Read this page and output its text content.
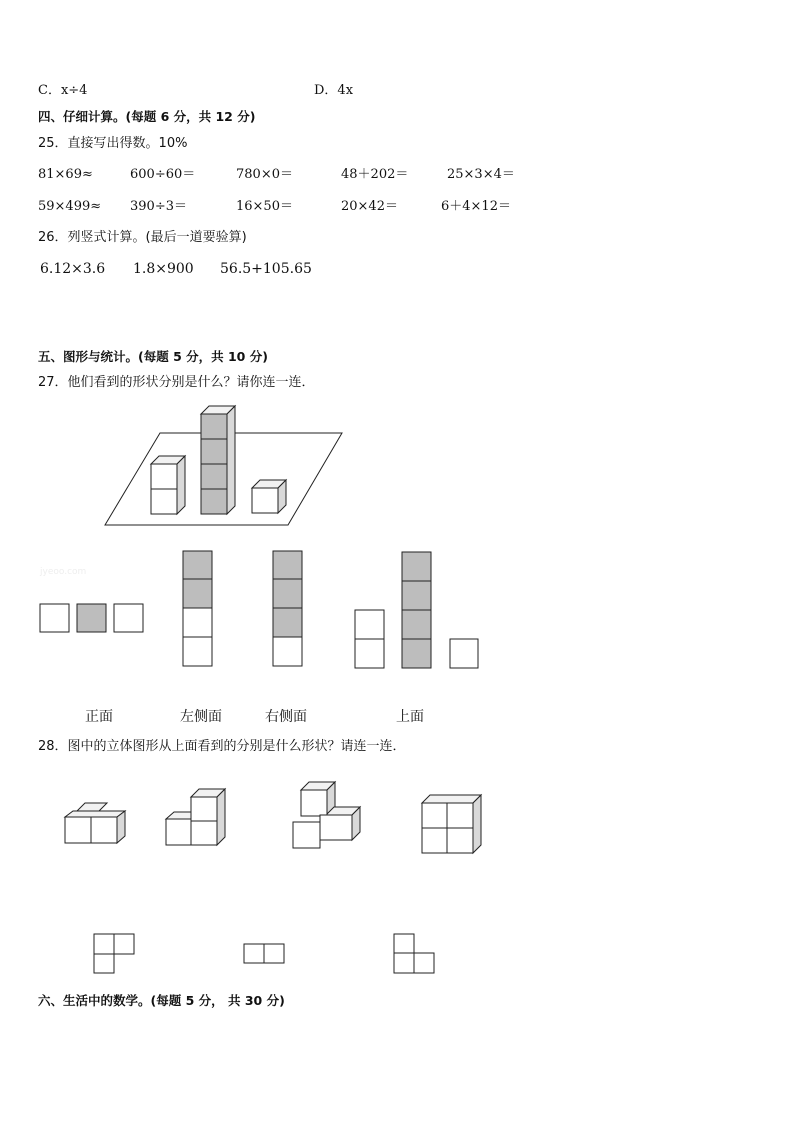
C．x÷4	D．4x
四、仔细计算。(每题 6 分，共 12 分)
25．直接写出得数。10%
81×69≈	600÷60＝	780×0＝	48＋202＝	25×3×4＝
59×499≈ 390÷3＝	16×50＝	20×42＝	6＋4×12＝
26．列竖式计算。(最后一道要验算)
6.12×3.6 1.8×900 56.5+105.65
五、图形与统计。(每题 5 分，共 10 分)
27．他们看到的形状分别是什么？请你连一连．
jyeoo.com
正面	左侧面	右侧面	上面
28．图中的立体图形从上面看到的分别是什么形状？请连一连．
六、生活中的数学。(每题 5 分， 共 30 分)
